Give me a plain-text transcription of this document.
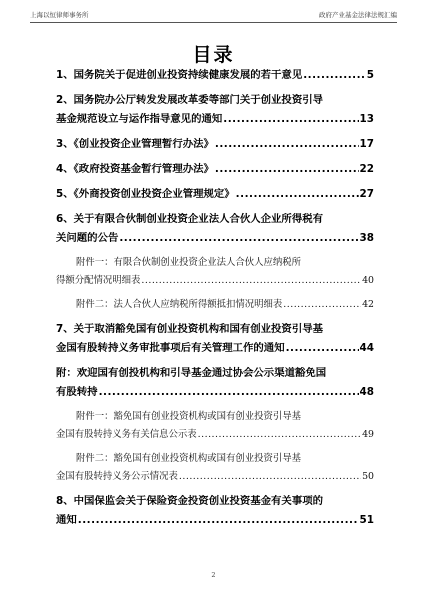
上海以恒律师事务所	政府产业基金法律法规汇编
目录
1、国务院关于促进创业投资持续健康发展的若干意见 .....	5
2、国务院办公厅转发发展改革委等部门关于创业投资引导
基金规范设立与运作指导意见的通知 .....	13
3、《创业投资企业管理暂行办法》 .....	17
4、《政府投资基金暂行管理办法》 .....	22
5、《外商投资创业投资企业管理规定》 .....	27
6、关于有限合伙制创业投资企业法人合伙人企业所得税有
关问题的公告 .....	38
附件一：有限合伙制创业投资企业法人合伙人应纳税所
得额分配情况明细表 .....	40
附件二：法人合伙人应纳税所得额抵扣情况明细表 .....	42
7、关于取消豁免国有创业投资机构和国有创业投资引导基
金国有股转持义务审批事项后有关管理工作的通知 .....	44
附：欢迎国有创投机构和引导基金通过协会公示渠道豁免国
有股转持 .....	48
附件一：豁免国有创业投资机构或国有创业投资引导基
金国有股转持义务有关信息公示表 .....	49
附件二：豁免国有创业投资机构或国有创业投资引导基
金国有股转持义务公示情况表 .....	50
8、中国保监会关于保险资金投资创业投资基金有关事项的
通知 .....	51
2
